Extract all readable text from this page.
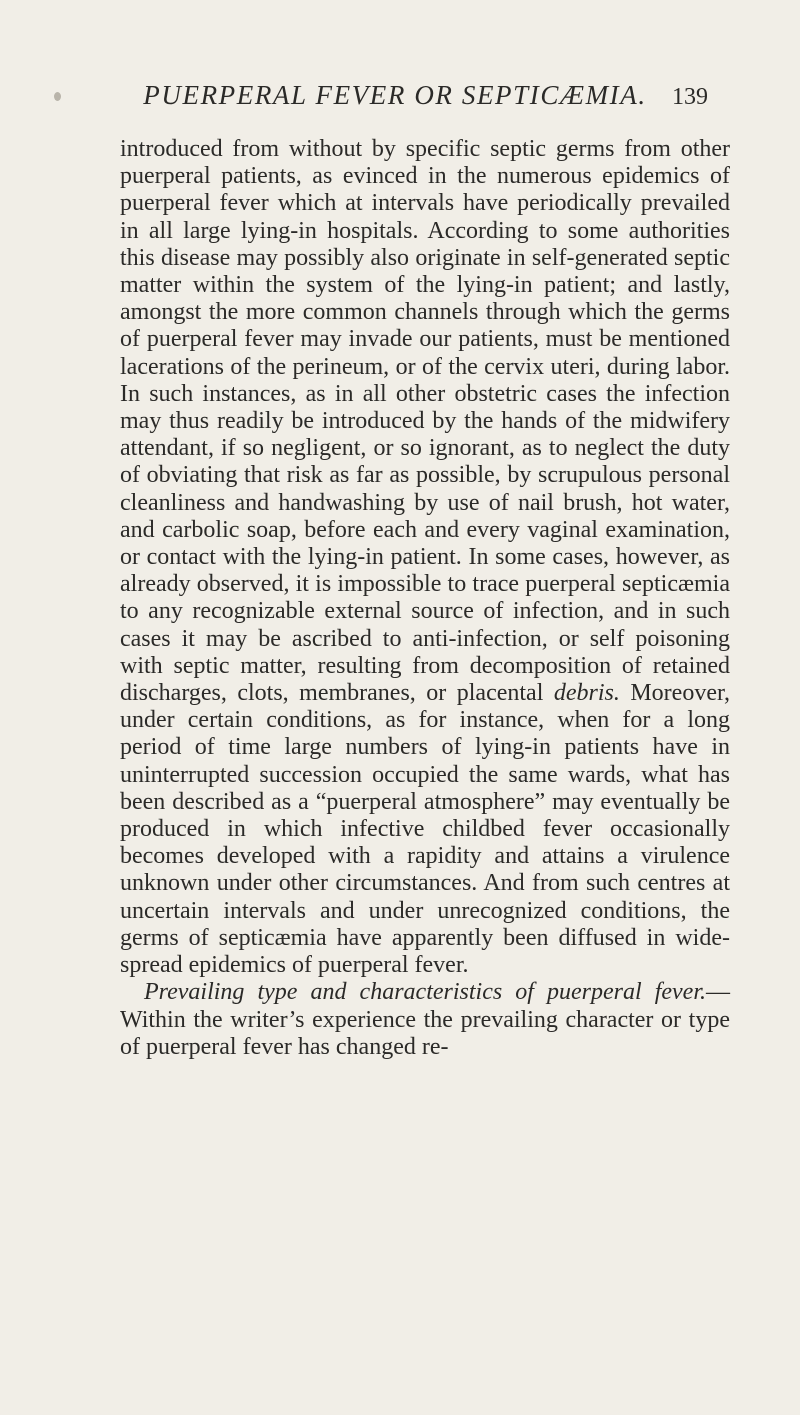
PUERPERAL FEVER OR SEPTICÆMIA.	139

introduced from without by specific septic germs from other puerperal patients, as evinced in the numerous epidemics of puerperal fever which at intervals have periodically prevailed in all large lying-in hospitals. According to some authorities this disease may possibly also originate in self-generated septic matter within the system of the lying-in patient; and lastly, amongst the more common channels through which the germs of puerperal fever may invade our patients, must be mentioned lacerations of the perineum, or of the cervix uteri, during labor. In such instances, as in all other obstetric cases the infection may thus readily be introduced by the hands of the midwifery attendant, if so negligent, or so ignorant, as to neglect the duty of obviating that risk as far as possible, by scrupulous personal cleanliness and handwashing by use of nail brush, hot water, and carbolic soap, before each and every vaginal examination, or contact with the lying-in patient. In some cases, however, as already observed, it is impossible to trace puerperal septicæmia to any recognizable external source of infection, and in such cases it may be ascribed to anti-infection, or self poisoning with septic matter, resulting from decomposition of retained discharges, clots, membranes, or placental debris. Moreover, under certain conditions, as for instance, when for a long period of time large numbers of lying-in patients have in uninterrupted succession occupied the same wards, what has been described as a “puerperal atmosphere” may eventually be produced in which infective childbed fever occasionally becomes developed with a rapidity and attains a virulence unknown under other circumstances. And from such centres at uncertain intervals and under unrecognized conditions, the germs of septicæmia have apparently been diffused in wide-spread epidemics of puerperal fever.

Prevailing type and characteristics of puerperal fever.—Within the writer’s experience the prevailing character or type of puerperal fever has changed re-
